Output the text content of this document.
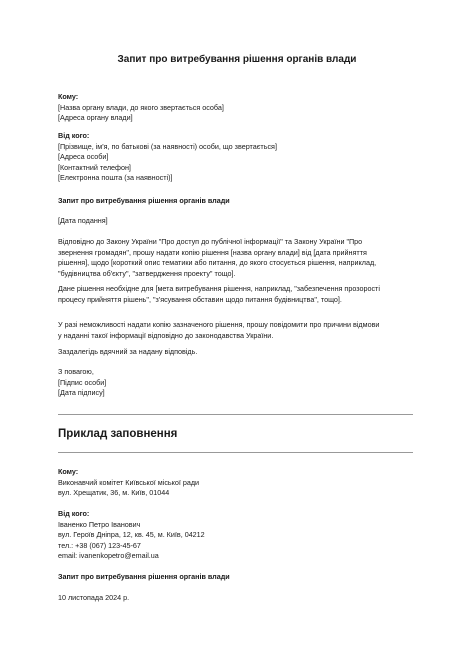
Запит про витребування рішення органів влади

Кому:

[Назва органу влади, до якого звертається особа]

[Адреса органу влади]

Від кого:

[Прізвище, ім'я, по батькові (за наявності) особи, що звертається]

[Адреса особи]

[Контактний телефон]

[Електронна пошта (за наявності)]

Запит про витребування рішення органів влади
[Дата подання]

Відповідно до Закону України "Про доступ до публічної інформації" та Закону України "Про

звернення громадян", прошу надати копію рішення [назва органу влади] від [дата прийняття

рішення], щодо [короткий опис тематики або питання, до якого стосується рішення, наприклад,

"будівництва об'єкту", "затвердження проекту" тощо].

Дане рішення необхідне для [мета витребування рішення, наприклад, "забезпечення прозорості

процесу прийняття рішень", "з'ясування обставин щодо питання будівництва", тощо].

У разі неможливості надати копію зазначеного рішення, прошу повідомити про причини відмови

у наданні такої інформації відповідно до законодавства України.

Заздалегідь вдячний за надану відповідь.

З повагою,

[Підпис особи]

[Дата підпису]

Приклад заповнення

Кому:

Виконавчий комітет Київської міської ради

вул. Хрещатик, 36, м. Київ, 01044

Від кого:

Іваненко Петро Іванович

вул. Героїв Дніпра, 12, кв. 45, м. Київ, 04212

тел.: +38 (067) 123-45-67

email: ivanenkopetro@email.ua

Запит про витребування рішення органів влади
10 листопада 2024 р.
